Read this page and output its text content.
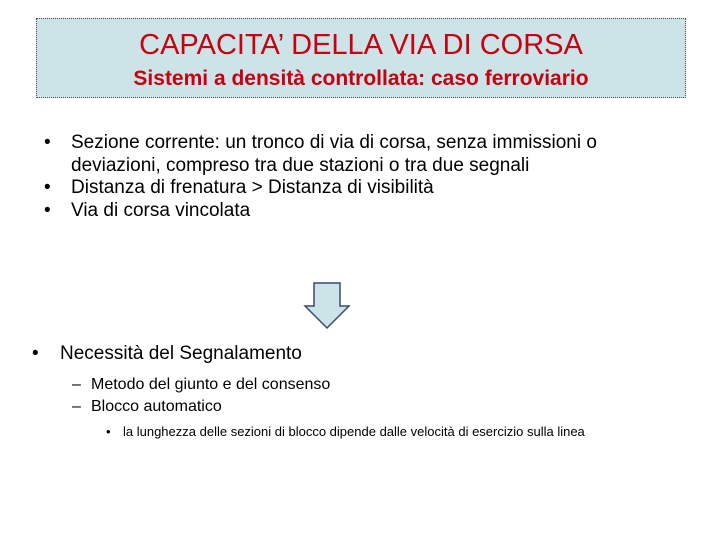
CAPACITA’ DELLA VIA DI CORSA
Sistemi a densità controllata: caso ferroviario
• Sezione corrente: un tronco di via di corsa, senza immissioni o deviazioni, compreso tra due stazioni o tra due segnali
• Distanza di frenatura > Distanza di visibilità
• Via di corsa vincolata
• Necessità del Segnalamento
– Metodo del giunto e del consenso
– Blocco automatico
• la lunghezza delle sezioni di blocco dipende dalle velocità di esercizio sulla linea
